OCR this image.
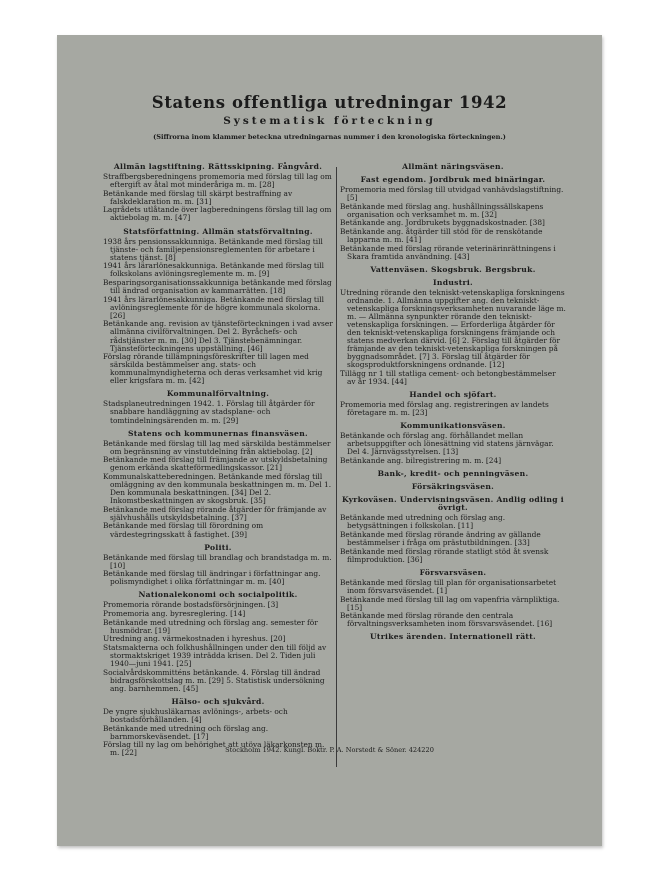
Statens offentliga utredningar 1942
Systematisk förteckning
(Siffrorna inom klammer beteckna utredningarnas nummer i den kronologiska förteckningen.)
Allmän lagstiftning. Rättsskipning. Fångvård.
Straffbergsberedningens promemoria med förslag till lag om eftergift av åtal mot minderåriga m. m. [28]
Betänkande med förslag till skärpt bestraffning av falskdeklaration m. m. [31]
Lagrådets utlåtande över lagberedningens förslag till lag om aktiebolag m. m. [47]
Statsförfattning. Allmän statsförvaltning.
1938 års pensionssakkunniga. Betänkande med förslag till tjänste- och familjepensionsreglementen för arbetare i statens tjänst. [8]
1941 års lärarlönesakkunniga. Betänkande med förslag till folkskolans avlöningsreglemente m. m. [9]
Besparingsorganisationssakkunniga betänkande med förslag till ändrad organisation av kammarrätten. [18]
1941 års lärarlönesakkunniga. Betänkande med förslag till avlöningsreglemente för de högre kommunala skolorna. [26]
Betänkande ang. revision av tjänsteförteckningen i vad avser allmänna civilförvaltningen. Del 2. Byråchefs- och rådstjänster m. m. [30] Del 3. Tjänstebenämningar. Tjänsteförteckningens uppställning. [46]
Förslag rörande tillämpningsföreskrifter till lagen med särskilda bestämmelser ang. stats- och kommunalmyndigheterna och deras verksamhet vid krig eller krigsfara m. m. [42]
Kommunalförvaltning.
Stadsplaneutredningen 1942. 1. Förslag till åtgärder för snabbare handläggning av stadsplane- och tomtindelningsärenden m. m. [29]
Statens och kommunernas finansväsen.
Betänkande med förslag till lag med särskilda bestämmelser om begränsning av vinstutdelning från aktiebolag. [2]
Betänkande med förslag till främjande av utskyldsbetalning genom erkända skatteförmedlingskassor. [21]
Kommunalskatteberedningen. Betänkande med förslag till omläggning av den kommunala beskattningen m. m. Del 1. Den kommunala beskattningen. [34] Del 2. Inkomstbeskattningen av skogsbruk. [35]
Betänkande med förslag rörande åtgärder för främjande av självhushålls utskyldsbetalning. [37]
Betänkande med förslag till förordning om värdestegringsskatt å fastighet. [39]
Politi.
Betänkande med förslag till brandlag och brandstadga m. m. [10]
Betänkande med förslag till ändringar i författningar ang. polismyndighet i olika författningar m. m. [40]
Nationalekonomi och socialpolitik.
Promemoria rörande bostadsförsörjningen. [3]
Promemoria ang. byresreglering. [14]
Betänkande med utredning och förslag ang. semester för husmödrar. [19]
Utredning ang. värmekostnaden i hyreshus. [20]
Statsmakterna och folkhushållningen under den till följd av stormaktskriget 1939 inträdda krisen. Del 2. Tiden juli 1940—juni 1941. [25]
Socialvårdskommitténs betänkande. 4. Förslag till ändrad bidragsförskottslag m. m. [29] 5. Statistisk undersökning ang. barnhemmen. [45]
Hälso- och sjukvård.
De yngre sjukhusläkarnas avlönings-, arbets- och bostadsförhållanden. [4]
Betänkande med utredning och förslag ang. barnmorskeväsendet. [17]
Förslag till ny lag om behörighet att utöva läkarkonsten m. m. [22]
Allmänt näringsväsen.
Fast egendom. Jordbruk med binäringar.
Promemoria med förslag till utvidgad vanhävdslagstiftning. [5]
Betänkande med förslag ang. hushållningssällskapens organisation och verksamhet m. m. [32]
Betänkande ang. Jordbrukets byggnadskostnader. [38]
Betänkande ang. åtgärder till stöd för de renskötande lapparna m. m. [41]
Betänkande med förslag rörande veterinärinrättningens i Skara framtida användning. [43]
Vattenväsen. Skogsbruk. Bergsbruk.
Industri.
Utredning rörande den tekniskt-vetenskapliga forskningens ordnande. 1. Allmänna uppgifter ang. den tekniskt-vetenskapliga forskningsverksamheten nuvarande läge m. m. — Allmänna synpunkter rörande den tekniskt-vetenskapliga forskningen. — Erforderliga åtgärder för den tekniskt-vetenskapliga forskningens främjande och statens medverkan därvid. [6] 2. Förslag till åtgärder för främjande av den tekniskt-vetenskapliga forskningen på byggnadsområdet. [7] 3. Förslag till åtgärder för skogsproduktforskningens ordnande. [12]
Tillägg nr 1 till statliga cement- och betongbestämmelser av år 1934. [44]
Handel och sjöfart.
Promemoria med förslag ang. registreringen av landets företagare m. m. [23]
Kommunikationsväsen.
Betänkande och förslag ang. förhållandet mellan arbetsuppgifter och lönesättning vid statens järnvägar. Del 4. Järnvägsstyrelsen. [13]
Betänkande ang. bilregistrering m. m. [24]
Bank-, kredit- och penningväsen.
Försäkringsväsen.
Kyrkoväsen. Undervisningsväsen. Andlig odling i övrigt.
Betänkande med utredning och förslag ang. betygsättningen i folkskolan. [11]
Betänkande med förslag rörande ändring av gällande bestämmelser i fråga om prästutbildningen. [33]
Betänkande med förslag rörande statligt stöd åt svensk filmproduktion. [36]
Försvarsväsen.
Betänkande med förslag till plan för organisationsarbetet inom försvarsväsendet. [1]
Betänkande med förslag till lag om vapenfria värnpliktiga. [15]
Betänkande med förslag rörande den centrala förvaltningsverksamheten inom försvarsväsendet. [16]
Utrikes ärenden. Internationell rätt.
Stockholm 1942. Kungl. Boktr. P. A. Norstedt & Söner. 424220
